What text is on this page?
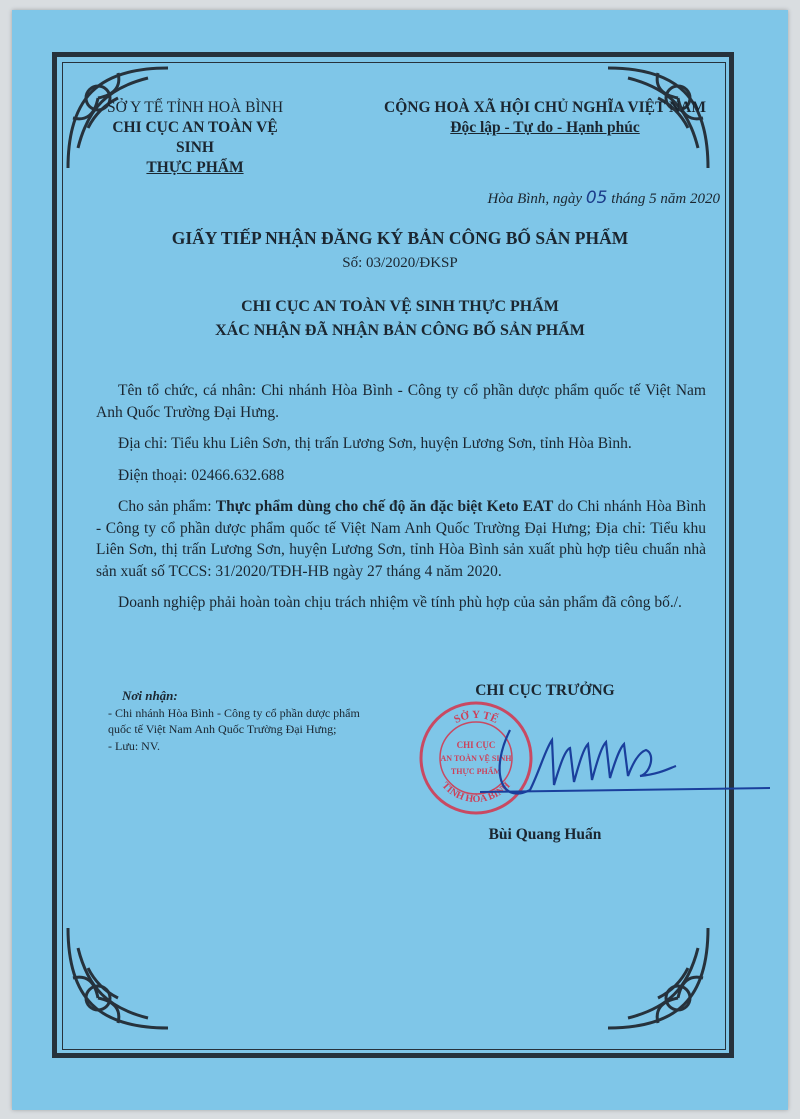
SỞ Y TẾ TỈNH HOÀ BÌNH
CHI CỤC AN TOÀN VỆ SINH
THỰC PHẨM
CỘNG HOÀ XÃ HỘI CHỦ NGHĨA VIỆT NAM
Độc lập - Tự do - Hạnh phúc
Hòa Bình, ngày 05 tháng 5 năm 2020
GIẤY TIẾP NHẬN ĐĂNG KÝ BẢN CÔNG BỐ SẢN PHẨM
Số: 03/2020/ĐKSP
CHI CỤC AN TOÀN VỆ SINH THỰC PHẨM
XÁC NHẬN ĐÃ NHẬN BẢN CÔNG BỐ SẢN PHẨM

Tên tổ chức, cá nhân: Chi nhánh Hòa Bình - Công ty cổ phần dược phẩm quốc tế Việt Nam Anh Quốc Trường Đại Hưng.

Địa chỉ: Tiểu khu Liên Sơn, thị trấn Lương Sơn, huyện Lương Sơn, tỉnh Hòa Bình.

Điện thoại: 02466.632.688

Cho sản phẩm: Thực phẩm dùng cho chế độ ăn đặc biệt Keto EAT do Chi nhánh Hòa Bình - Công ty cổ phần dược phẩm quốc tế Việt Nam Anh Quốc Trường Đại Hưng; Địa chỉ: Tiểu khu Liên Sơn, thị trấn Lương Sơn, huyện Lương Sơn, tỉnh Hòa Bình sản xuất phù hợp tiêu chuẩn nhà sản xuất số TCCS: 31/2020/TĐH-HB ngày 27 tháng 4 năm 2020.

Doanh nghiệp phải hoàn toàn chịu trách nhiệm về tính phù hợp của sản phẩm đã công bố./.

Nơi nhận:

- Chi nhánh Hòa Bình - Công ty cổ phần dược phẩm quốc tế Việt Nam Anh Quốc Trường Đại Hưng;

- Lưu: NV.

CHI CỤC TRƯỞNG
SỞ Y TẾ
TỈNH HÒA BÌNH
CHI CỤC
AN TOÀN VỆ SINH
THỰC PHẨM
Bùi Quang Huấn
